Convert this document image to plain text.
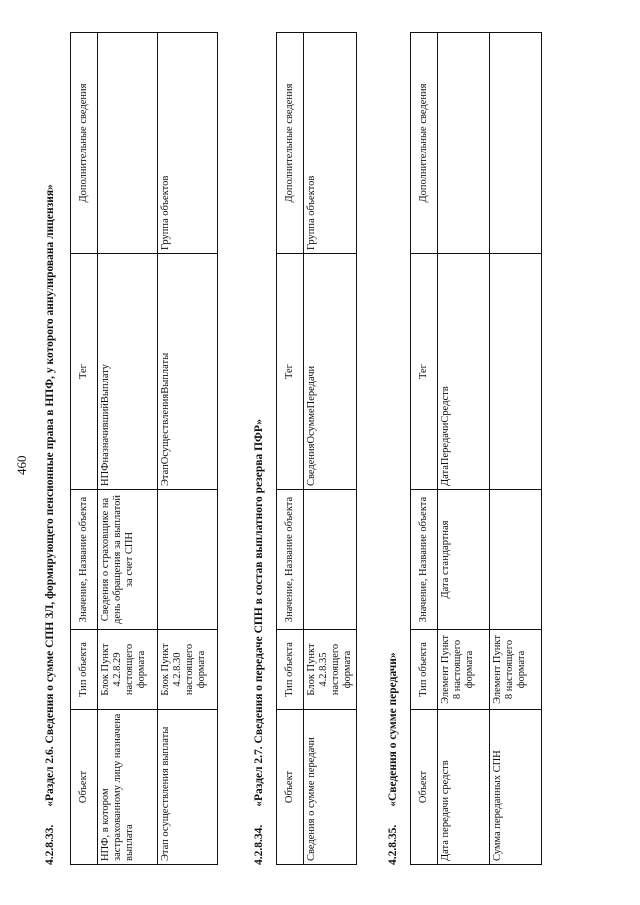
460
4.2.8.33.«Раздел 2.6. Сведения о сумме СПН ЗЛ, формирующего пенсионные права в НПФ, у которого аннулирована лицензия» Объект	Тип объекта	Значение, Название объекта	Тег	Дополнительные сведения
НПФ, в котором застрахованному лицу назначена выплата	Блок Пункт 4.2.8.29 настоящего формата	Сведения о страховщике на день обращения за выплатой за счет СПН	НПФназначившийВыплату	
Этап осуществления выплаты	Блок Пункт 4.2.8.30 настоящего формата		ЭтапОсуществленияВыплаты	Группа объектов
4.2.8.34.«Раздел 2.7. Сведения о передаче СПН в состав выплатного резерва ПФР» Объект	Тип объекта	Значение, Название объекта	Тег	Дополнительные сведения
Сведения о сумме передачи	Блок Пункт 4.2.8.35 настоящего формата		СведенияОсуммеПередачи	Группа объектов
4.2.8.35.«Сведения о сумме передачи» Объект	Тип объекта	Значение, Название объекта	Тег	Дополнительные сведения
Дата передачи средств	Элемент Пункт 8 настоящего формата	Дата стандартная	ДатаПередачиСредств	
Сумма переданных СПН	Элемент Пункт 8 настоящего формата			
